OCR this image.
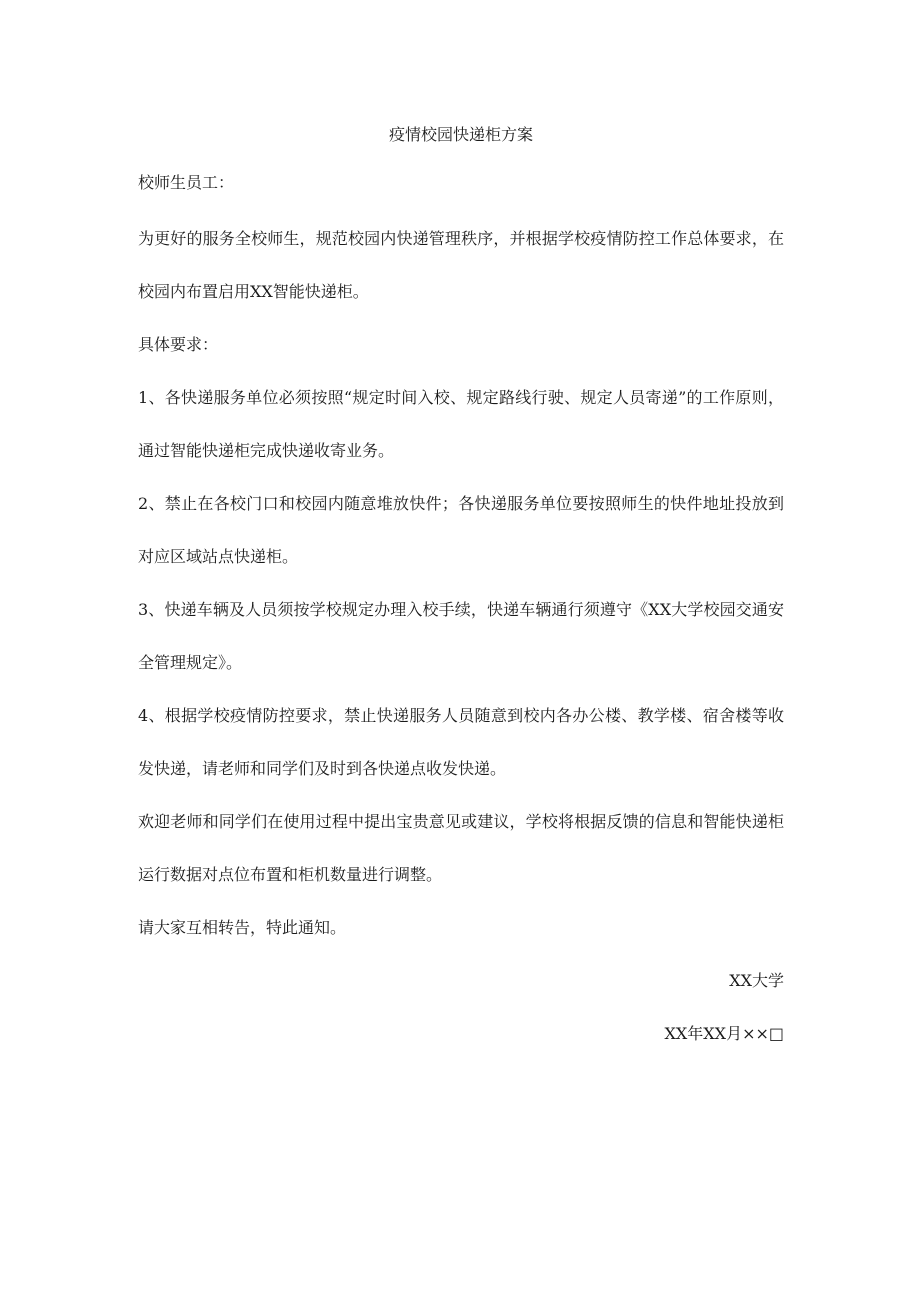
疫情校园快递柜方案

校师生员工：

为更好的服务全校师生，规范校园内快递管理秩序，并根据学校疫情防控工作总体要求，在校园内布置启用XX智能快递柜。

具体要求：

1、各快递服务单位必须按照“规定时间入校、规定路线行驶、规定人员寄递”的工作原则，通过智能快递柜完成快递收寄业务。

2、禁止在各校门口和校园内随意堆放快件；各快递服务单位要按照师生的快件地址投放到对应区域站点快递柜。

3、快递车辆及人员须按学校规定办理入校手续，快递车辆通行须遵守《XX大学校园交通安全管理规定》。

4、根据学校疫情防控要求，禁止快递服务人员随意到校内各办公楼、教学楼、宿舍楼等收发快递，请老师和同学们及时到各快递点收发快递。

欢迎老师和同学们在使用过程中提出宝贵意见或建议，学校将根据反馈的信息和智能快递柜运行数据对点位布置和柜机数量进行调整。

请大家互相转告，特此通知。

XX大学
XX年XX月××□
